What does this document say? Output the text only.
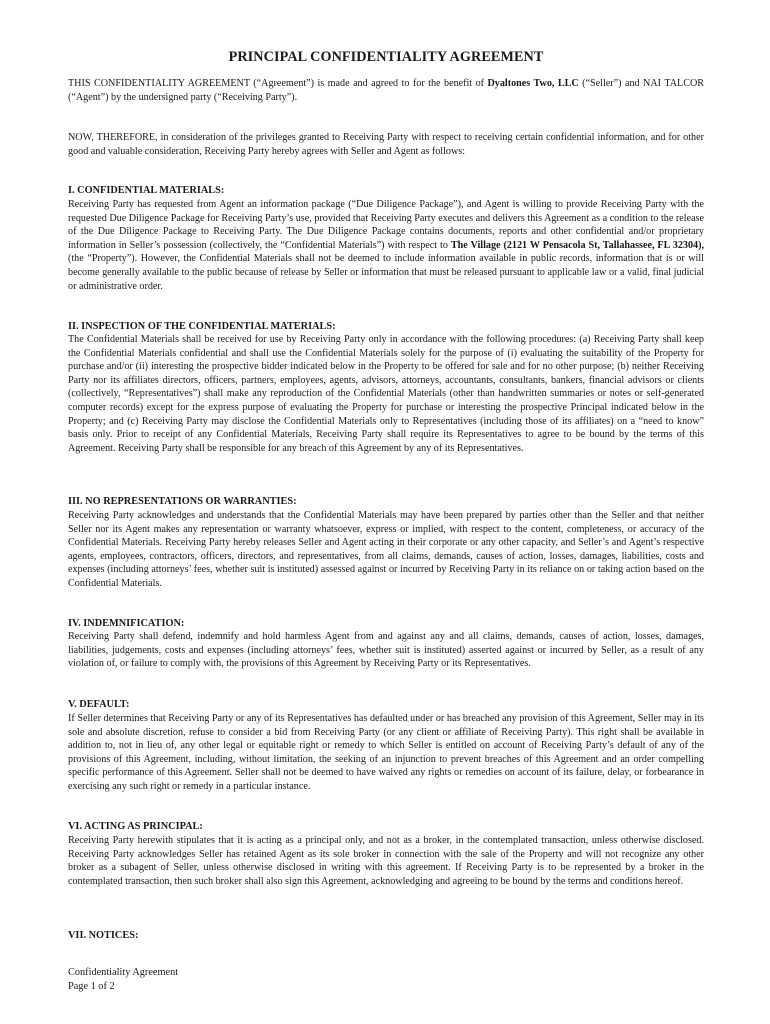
PRINCIPAL CONFIDENTIALITY AGREEMENT
THIS CONFIDENTIALITY AGREEMENT (“Agreement”) is made and agreed to for the benefit of Dyaltones Two, LLC (“Seller”) and NAI TALCOR (“Agent”) by the undersigned party (“Receiving Party”).
NOW, THEREFORE, in consideration of the privileges granted to Receiving Party with respect to receiving certain confidential information, and for other good and valuable consideration, Receiving Party hereby agrees with Seller and Agent as follows:
I. CONFIDENTIAL MATERIALS:
Receiving Party has requested from Agent an information package (“Due Diligence Package”), and Agent is willing to provide Receiving Party with the requested Due Diligence Package for Receiving Party’s use, provided that Receiving Party executes and delivers this Agreement as a condition to the release of the Due Diligence Package to Receiving Party. The Due Diligence Package contains documents, reports and other confidential and/or proprietary information in Seller’s possession (collectively, the “Confidential Materials”) with respect to The Village (2121 W Pensacola St, Tallahassee, FL 32304), (the “Property”). However, the Confidential Materials shall not be deemed to include information available in public records, information that is or will become generally available to the public because of release by Seller or information that must be released pursuant to applicable law or a valid, final judicial or administrative order.
II. INSPECTION OF THE CONFIDENTIAL MATERIALS:
The Confidential Materials shall be received for use by Receiving Party only in accordance with the following procedures: (a) Receiving Party shall keep the Confidential Materials confidential and shall use the Confidential Materials solely for the purpose of (i) evaluating the suitability of the Property for purchase and/or (ii) interesting the prospective bidder indicated below in the Property to be offered for sale and for no other purpose; (b) neither Receiving Party nor its affiliates directors, officers, partners, employees, agents, advisors, attorneys, accountants, consultants, bankers, financial advisors or clients (collectively, “Representatives”) shall make any reproduction of the Confidential Materials (other than handwritten summaries or notes or self-generated computer records) except for the express purpose of evaluating the Property for purchase or interesting the prospective Principal indicated below in the Property; and (c) Receiving Party may disclose the Confidential Materials only to Representatives (including those of its affiliates) on a “need to know” basis only. Prior to receipt of any Confidential Materials, Receiving Party shall require its Representatives to agree to be bound by the terms of this Agreement. Receiving Party shall be responsible for any breach of this Agreement by any of its Representatives.
III. NO REPRESENTATIONS OR WARRANTIES:
Receiving Party acknowledges and understands that the Confidential Materials may have been prepared by parties other than the Seller and that neither Seller nor its Agent makes any representation or warranty whatsoever, express or implied, with respect to the content, completeness, or accuracy of the Confidential Materials. Receiving Party hereby releases Seller and Agent acting in their corporate or any other capacity, and Seller’s and Agent’s respective agents, employees, contractors, officers, directors, and representatives, from all claims, demands, causes of action, losses, damages, liabilities, costs and expenses (including attorneys’ fees, whether suit is instituted) assessed against or incurred by Receiving Party in its reliance on or taking action based on the Confidential Materials.
IV. INDEMNIFICATION:
Receiving Party shall defend, indemnify and hold harmless Agent from and against any and all claims, demands, causes of action, losses, damages, liabilities, judgements, costs and expenses (including attorneys’ fees, whether suit is instituted) asserted against or incurred by Seller, as a result of any violation of, or failure to comply with, the provisions of this Agreement by Receiving Party or its Representatives.
V. DEFAULT:
If Seller determines that Receiving Party or any of its Representatives has defaulted under or has breached any provision of this Agreement, Seller may in its sole and absolute discretion, refuse to consider a bid from Receiving Party (or any client or affiliate of Receiving Party). This right shall be available in addition to, not in lieu of, any other legal or equitable right or remedy to which Seller is entitled on account of Receiving Party’s default of any of the provisions of this Agreement, including, without limitation, the seeking of an injunction to prevent breaches of this Agreement and an order compelling specific performance of this Agreement. Seller shall not be deemed to have waived any rights or remedies on account of its failure, delay, or forbearance in exercising any such right or remedy in a particular instance.
VI. ACTING AS PRINCIPAL:
Receiving Party herewith stipulates that it is acting as a principal only, and not as a broker, in the contemplated transaction, unless otherwise disclosed. Receiving Party acknowledges Seller has retained Agent as its sole broker in connection with the sale of the Property and will not recognize any other broker as a subagent of Seller, unless otherwise disclosed in writing with this agreement. If Receiving Party is to be represented by a broker in the contemplated transaction, then such broker shall also sign this Agreement, acknowledging and agreeing to be bound by the terms and conditions hereof.
VII. NOTICES:
Confidentiality Agreement
Page 1 of 2
